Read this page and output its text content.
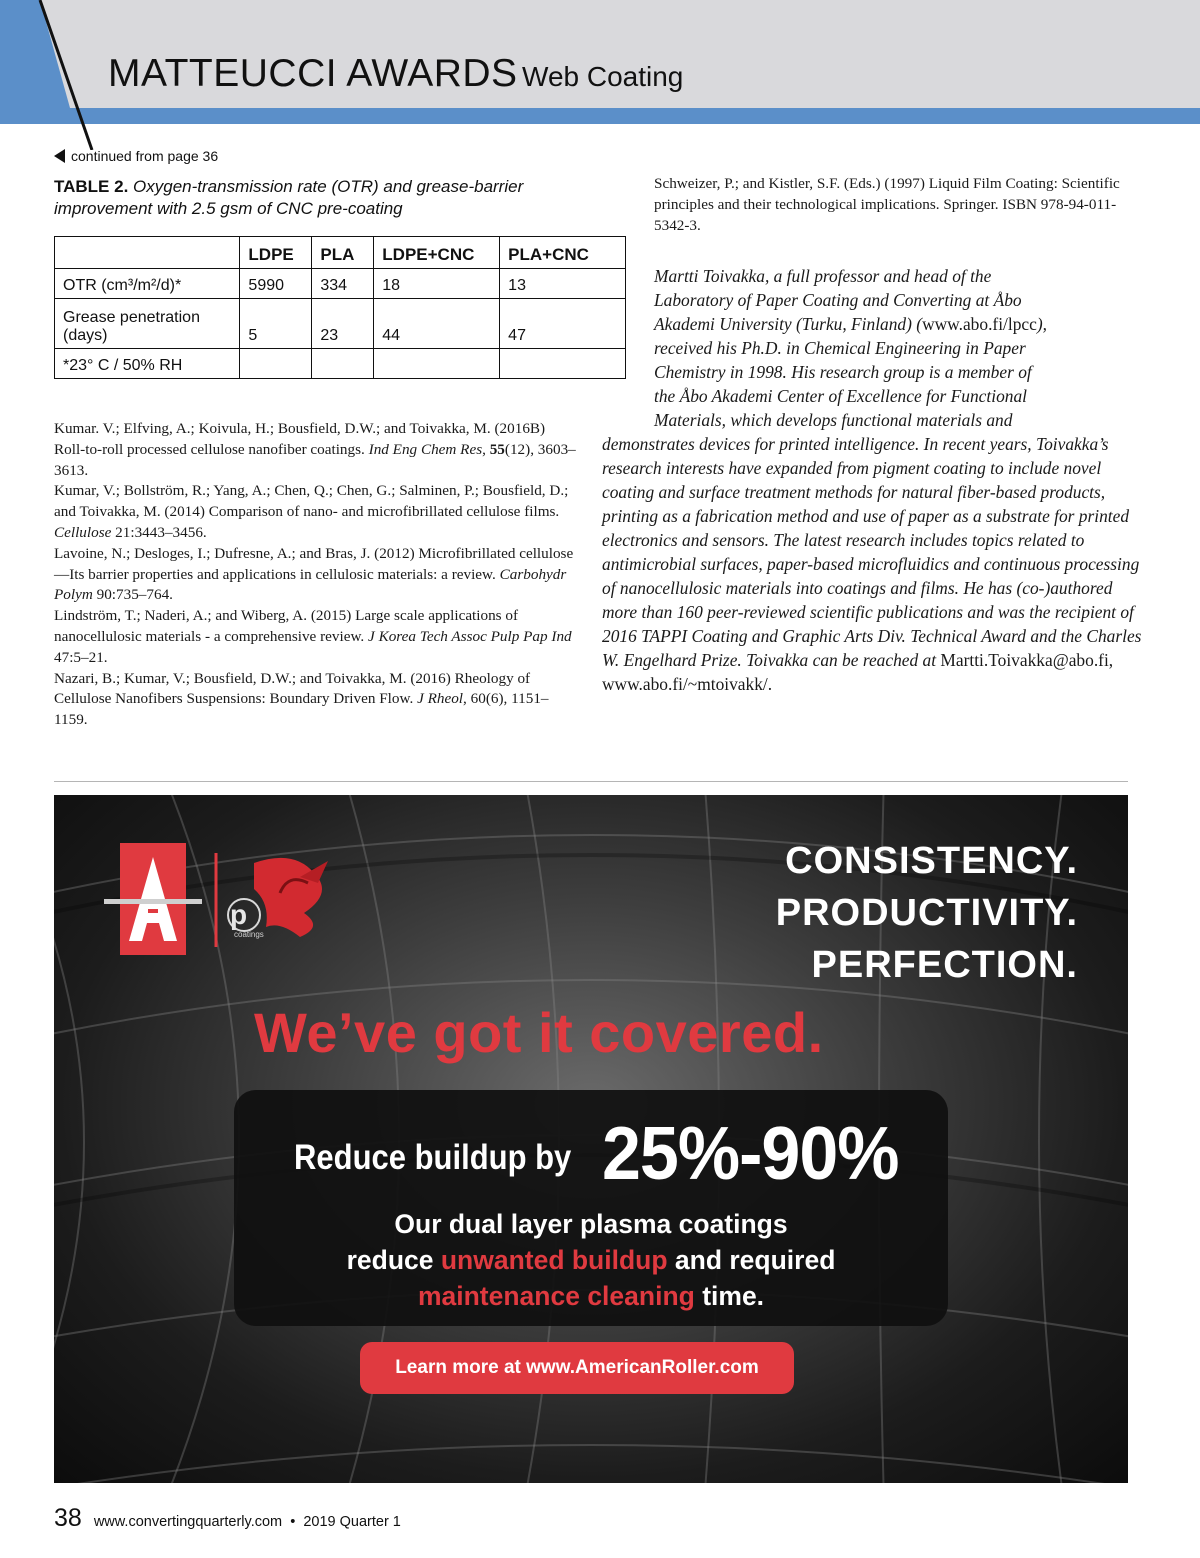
MATTEUCCI AWARDS Web Coating
continued from page 36
TABLE 2. Oxygen-transmission rate (OTR) and grease-barrier improvement with 2.5 gsm of CNC pre-coating
	LDPE	PLA	LDPE+CNC	PLA+CNC
OTR (cm³/m²/d)*	5990	334	18	13
Grease penetration (days)	5	23	44	47
*23° C / 50% RH				

Kumar. V.; Elfving, A.; Koivula, H.; Bousfield, D.W.; and Toivakka, M. (2016B) Roll-to-roll processed cellulose nanofiber coatings. Ind Eng Chem Res, 55(12), 3603–3613.

Kumar, V.; Bollström, R.; Yang, A.; Chen, Q.; Chen, G.; Salminen, P.; Bousfield, D.; and Toivakka, M. (2014) Comparison of nano- and microfibrillated cellulose films. Cellulose 21:3443–3456.

Lavoine, N.; Desloges, I.; Dufresne, A.; and Bras, J. (2012) Microfibrillated cellulose—Its barrier properties and applications in cellulosic materials: a review. Carbohydr Polym 90:735–764.

Lindström, T.; Naderi, A.; and Wiberg, A. (2015) Large scale applications of nanocellulosic materials - a comprehensive review. J Korea Tech Assoc Pulp Pap Ind 47:5–21.

Nazari, B.; Kumar, V.; Bousfield, D.W.; and Toivakka, M. (2016) Rheology of Cellulose Nanofibers Suspensions: Boundary Driven Flow. J Rheol, 60(6), 1151–1159.

Schweizer, P.; and Kistler, S.F. (Eds.) (1997) Liquid Film Coating: Scientific principles and their technological implications. Springer. ISBN 978-94-011-5342-3.
Martti Toivakka, a full professor and head of the
Laboratory of Paper Coating and Converting at Åbo
Akademi University (Turku, Finland) (www.abo.fi/lpcc),
received his Ph.D. in Chemical Engineering in Paper
Chemistry in 1998. His research group is a member of
the Åbo Akademi Center of Excellence for Functional
Materials, which develops functional materials and
demonstrates devices for printed intelligence. In recent years, Toivakka’s research interests have expanded from pigment coating to include novel coating and surface treatment methods for natural fiber-based products, printing as a fabrication method and use of paper as a substrate for printed electronics and sensors. The latest research includes topics related to antimicrobial surfaces, paper-based microfluidics and continuous processing of nanocellulosic materials into coatings and films. He has (co-)authored more than 160 peer-reviewed scientific publications and was the recipient of 2016 TAPPI Coating and Graphic Arts Div. Technical Award and the Charles W. Engelhard Prize. Toivakka can be reached at Martti.Toivakka@abo.fi, www.abo.fi/~mtoivakk/.
p
coatings
CONSISTENCY.
PRODUCTIVITY.
PERFECTION.
We’ve got it covered.
Reduce buildup by 25%-90%
Our dual layer plasma coatings
reduce unwanted buildup and required
maintenance cleaning time.
Learn more at www.AmericanRoller.com
38 www.convertingquarterly.com • 2019 Quarter 1
